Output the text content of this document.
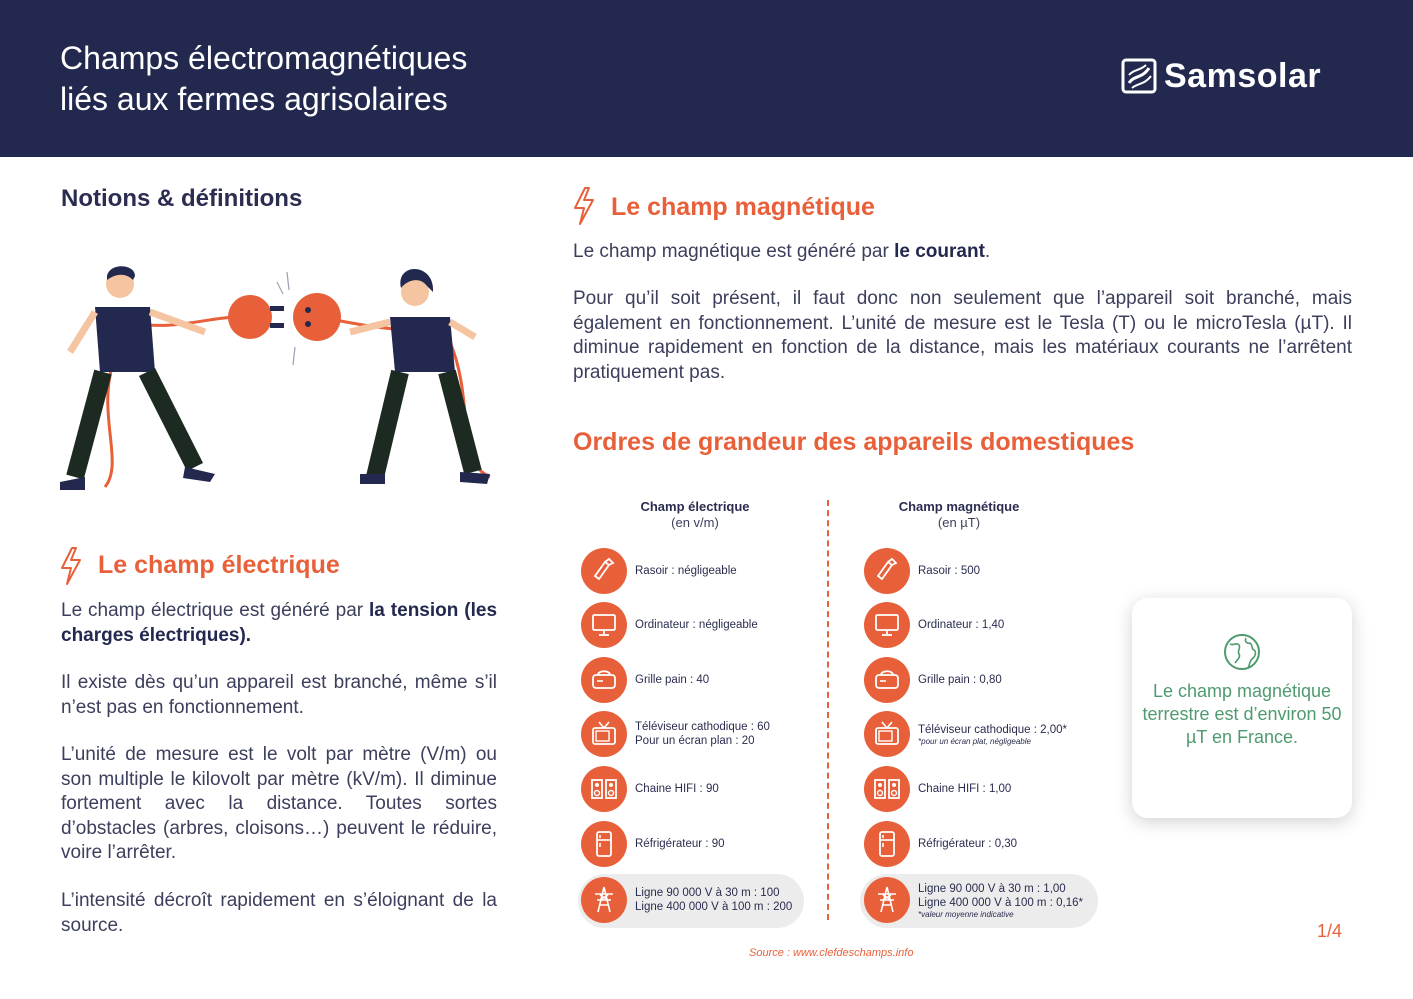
Champs électromagnétiques
liés aux fermes agrisolaires
Samsolar
Notions & définitions
Le champ électrique
Le champ électrique est généré par la tension (les charges électriques).
Il existe dès qu’un appareil est branché, même s’il n’est pas en fonctionnement.
L’unité de mesure est le volt par mètre (V/m) ou son multiple le kilovolt par mètre (kV/m). Il diminue fortement avec la distance. Toutes sortes d’obstacles (arbres, cloisons…) peuvent le réduire, voire l’arrêter.
L’intensité décroît rapidement en s’éloignant de la source.
Le champ magnétique
Le champ magnétique est généré par le courant.
Pour qu’il soit présent, il faut donc non seulement que l’appareil soit branché, mais également en fonctionnement. L’unité de mesure est le Tesla (T) ou le microTesla (µT). Il diminue rapidement en fonction de la distance, mais les matériaux courants ne l’arrêtent pratiquement pas.
Ordres de grandeur des appareils domestiques
Champ électrique
(en v/m)
Champ magnétique
(en µT)
Rasoir : négligeable
Ordinateur : négligeable
Grille pain : 40
Téléviseur cathodique : 60
Pour un écran plan : 20
Chaine HIFI : 90
Réfrigérateur : 90
Ligne 90 000 V à 30 m : 100
Ligne 400 000 V à 100 m : 200
Rasoir : 500
Ordinateur : 1,40
Grille pain : 0,80
Téléviseur cathodique : 2,00*
*pour un écran plat, négligeable
Chaine HIFI : 1,00
Réfrigérateur : 0,30
Ligne 90 000 V à 30 m : 1,00
Ligne 400 000 V à 100 m : 0,16*
*valeur moyenne indicative
Source : www.clefdeschamps.info
Le champ magnétique terrestre est d’environ 50 µT en France.
1/4
